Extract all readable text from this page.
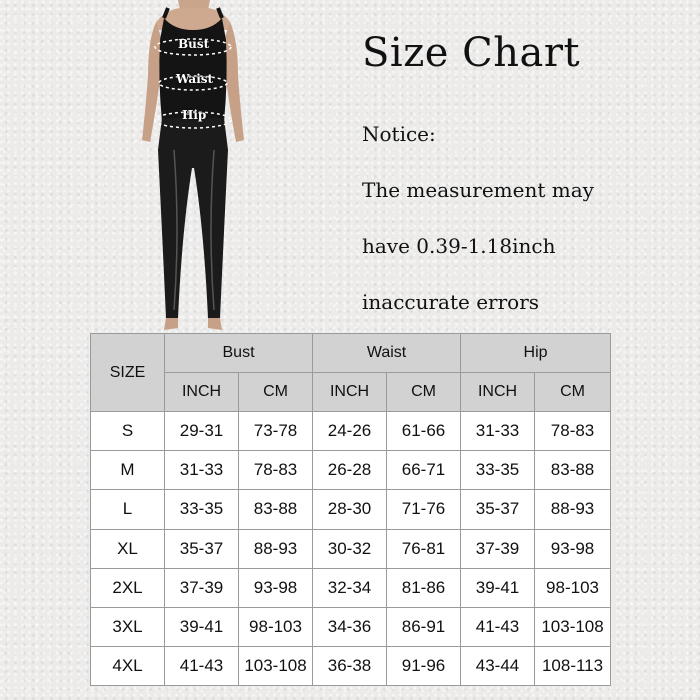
Bust
Waist
Hip
Size Chart
Notice:
The measurement may
have 0.39-1.18inch
inaccurate errors
SIZE	Bust		Waist		Hip	
	INCH	CM	INCH	CM	INCH	CM
S	29-31	73-78	24-26	61-66	31-33	78-83
M	31-33	78-83	26-28	66-71	33-35	83-88
L	33-35	83-88	28-30	71-76	35-37	88-93
XL	35-37	88-93	30-32	76-81	37-39	93-98
2XL	37-39	93-98	32-34	81-86	39-41	98-103
3XL	39-41	98-103	34-36	86-91	41-43	103-108
4XL	41-43	103-108	36-38	91-96	43-44	108-113
